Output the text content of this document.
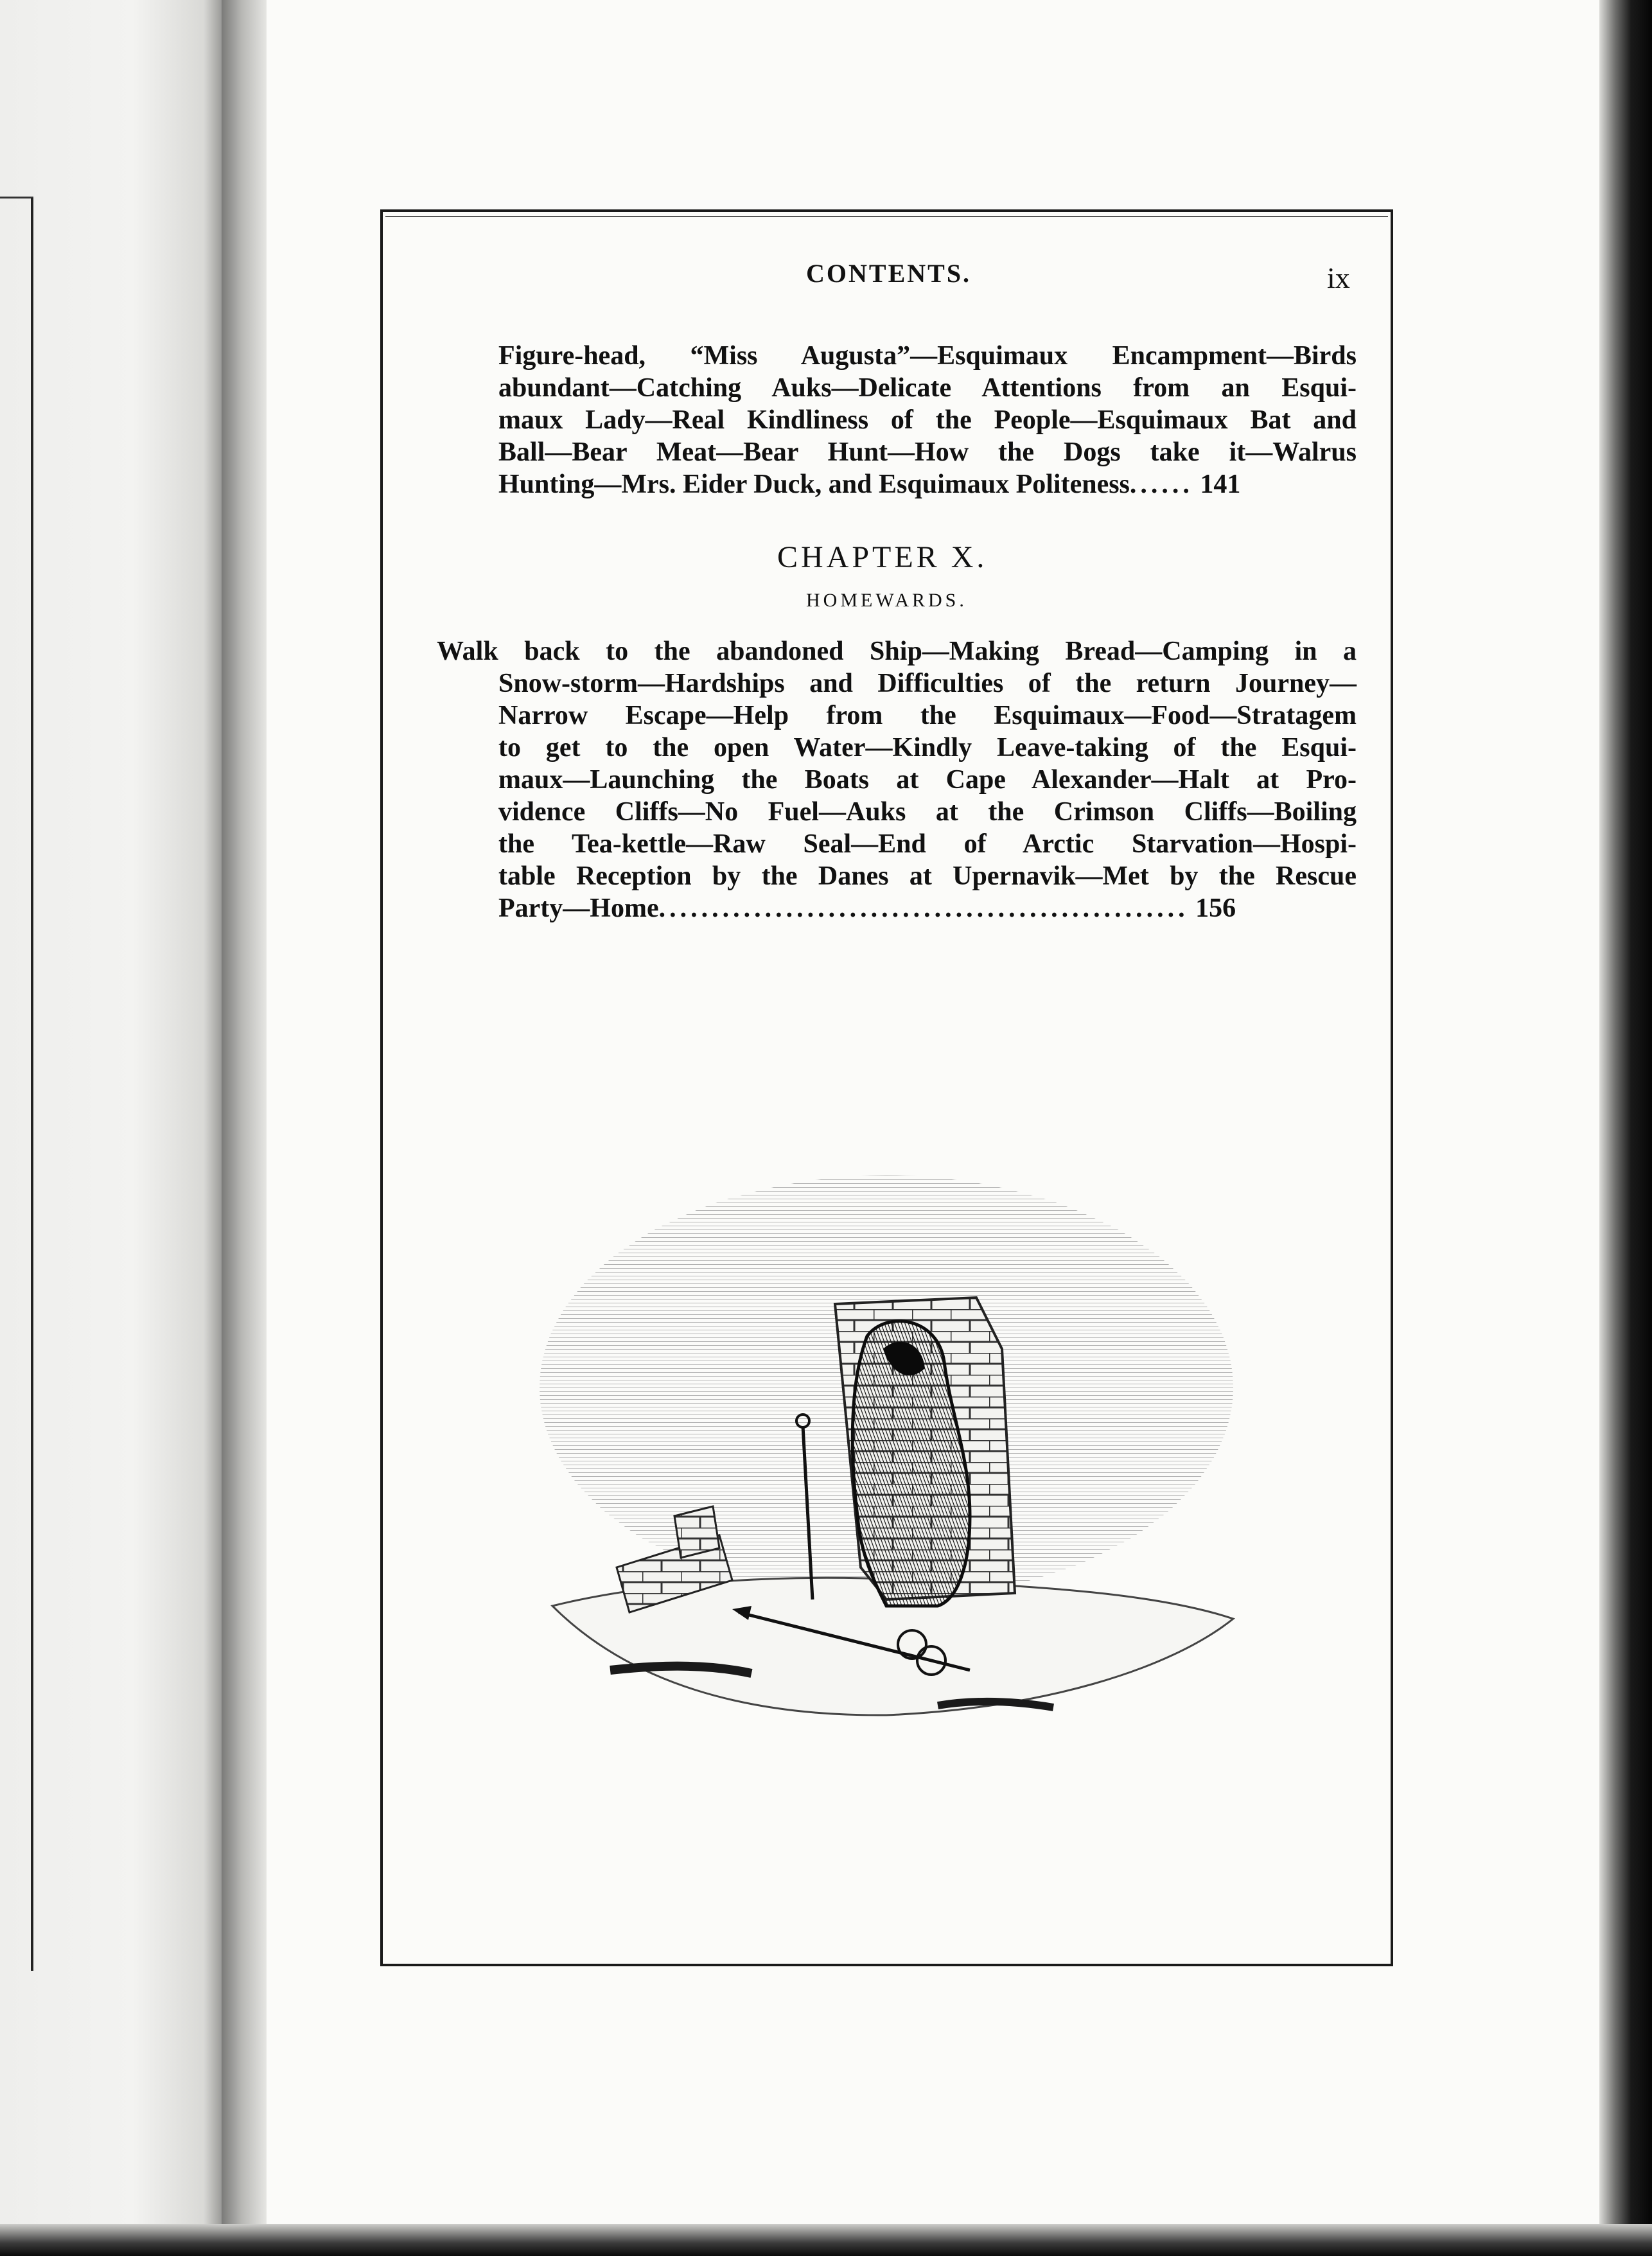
CONTENTS.	ix
Figure-head, “Miss Augusta”—Esquimaux Encampment—Birds
abundant—Catching Auks—Delicate Attentions from an Esqui-
maux Lady—Real Kindliness of the People—Esquimaux Bat and
Ball—Bear Meat—Bear Hunt—How the Dogs take it—Walrus
Hunting—Mrs. Eider Duck, and Esquimaux Politeness...... 141
CHAPTER X.
HOMEWARDS.
Walk back to the abandoned Ship—Making Bread—Camping in a
Snow-storm—Hardships and Difficulties of the return Journey—
Narrow Escape—Help from the Esquimaux—Food—Stratagem
to get to the open Water—Kindly Leave-taking of the Esqui-
maux—Launching the Boats at Cape Alexander—Halt at Pro-
vidence Cliffs—No Fuel—Auks at the Crimson Cliffs—Boiling
the Tea-kettle—Raw Seal—End of Arctic Starvation—Hospi-
table Reception by the Danes at Upernavik—Met by the Rescue
Party—Home.................................................. 156
